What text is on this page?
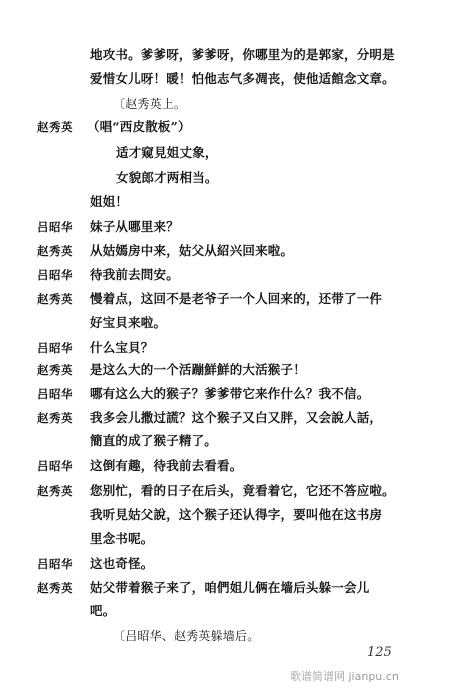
地攻书。爹爹呀，爹爹呀，你哪里为的是郭家，分明是
爱惜女儿呀！暖！怕他志气多凋丧，使他适館念文章。
〔赵秀英上。
赵秀英 （唱“西皮散板”）
适才窥見姐丈象，
女貌郎才两相当。
姐姐！
吕昭华 妹子从哪里来？
赵秀英 从姑嫣房中来，姑父从紹兴回来啦。
吕昭华 待我前去問安。
赵秀英 慢着点，这回不是老爷子一个人回来的，还带了一件
好宝貝来啦。
吕昭华 什么宝貝？
赵秀英 是这么大的一个活蹦鮮鮮的大活猴子！
吕昭华 哪有这么大的猴子？爹爹带它来作什么？我不信。
赵秀英 我多会儿撒过謊？这个猴子又白又胖，又会說人話，
簡直的成了猴子精了。
吕昭华 这倒有趣，待我前去看看。
赵秀英 您别忙，看的日子在后头，竟看着它，它还不答应啦。
我听見姑父說，这个猴子还认得字，要叫他在这书房
里念书呢。
吕昭华 这也奇怪。
赵秀英 姑父带着猴子来了，咱們姐儿俩在墙后头躲一会儿
吧。
〔吕昭华、赵秀英躲墙后。
125
歌谱简谱网 jianpu.cn
